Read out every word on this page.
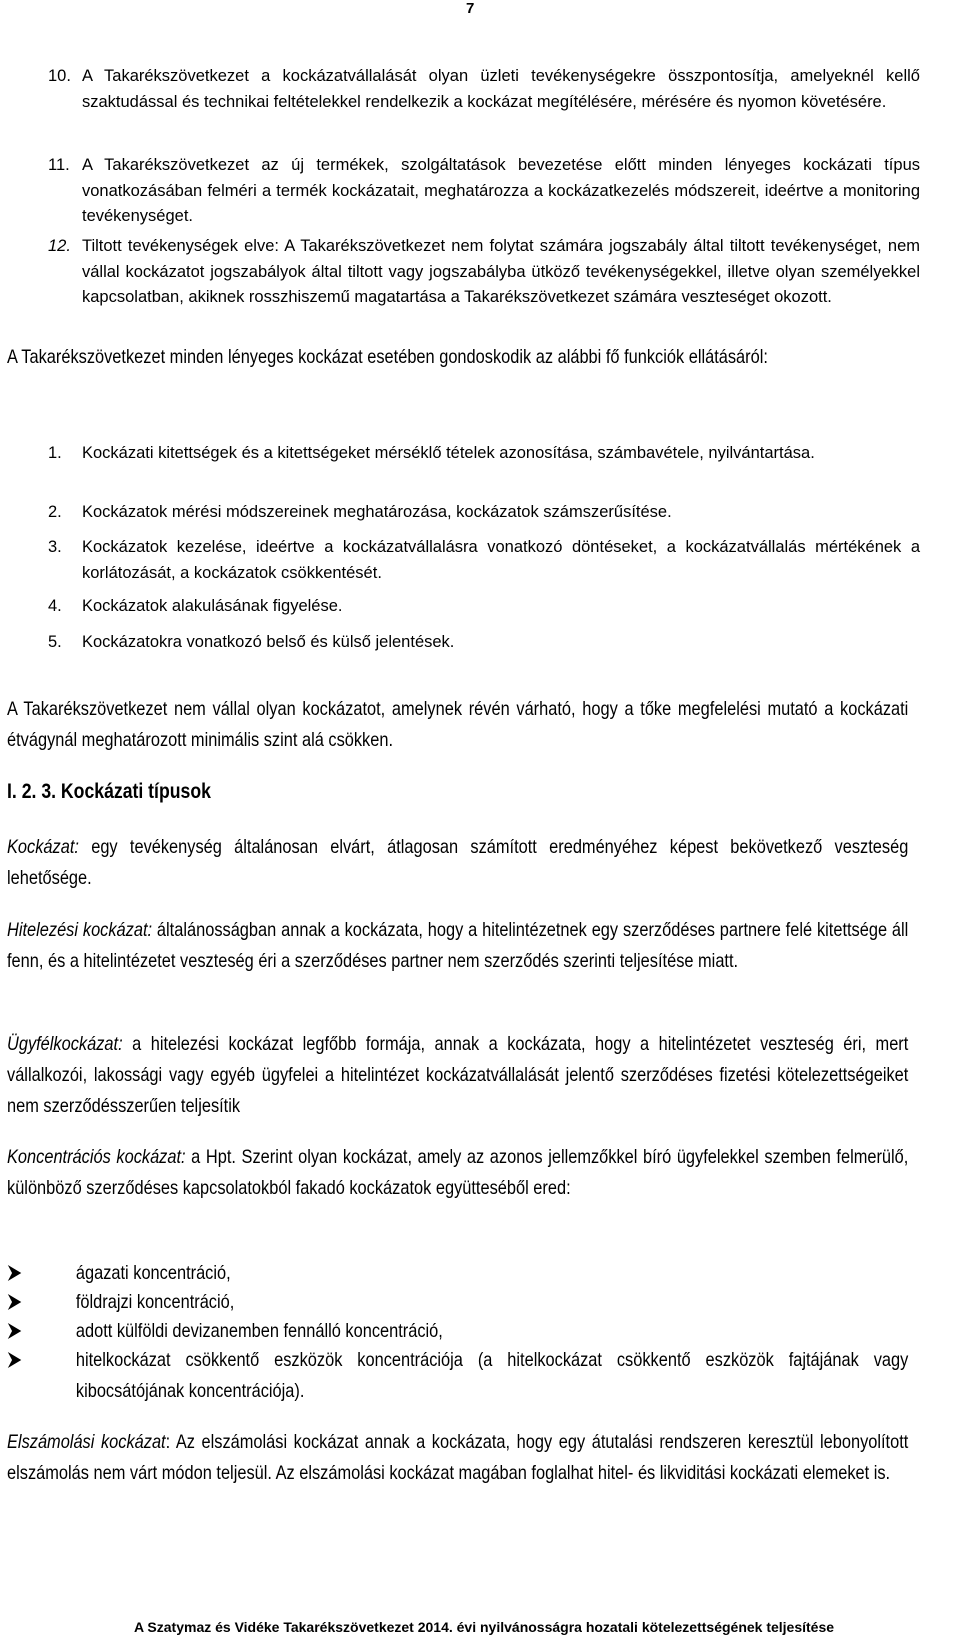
7
10. A Takarékszövetkezet a kockázatvállalását olyan üzleti tevékenységekre összpontosítja, amelyeknél kellő szaktudással és technikai feltételekkel rendelkezik a kockázat megítélésére, mérésére és nyomon követésére.
11. A Takarékszövetkezet az új termékek, szolgáltatások bevezetése előtt minden lényeges kockázati típus vonatkozásában felméri a termék kockázatait, meghatározza a kockázatkezelés módszereit, ideértve a monitoring tevékenységet.
12. Tiltott tevékenységek elve: A Takarékszövetkezet nem folytat számára jogszabály által tiltott tevékenységet, nem vállal kockázatot jogszabályok által tiltott vagy jogszabályba ütköző tevékenységekkel, illetve olyan személyekkel kapcsolatban, akiknek rosszhiszemű magatartása a Takarékszövetkezet számára veszteséget okozott.
A Takarékszövetkezet minden lényeges kockázat esetében gondoskodik az alábbi fő funkciók ellátásáról:
1. Kockázati kitettségek és a kitettségeket mérséklő tételek azonosítása, számbavétele, nyilvántartása.
2. Kockázatok mérési módszereinek meghatározása, kockázatok számszerűsítése.
3. Kockázatok kezelése, ideértve a kockázatvállalásra vonatkozó döntéseket, a kockázatvállalás mértékének a korlátozását, a kockázatok csökkentését.
4. Kockázatok alakulásának figyelése.
5. Kockázatokra vonatkozó belső és külső jelentések.
A Takarékszövetkezet nem vállal olyan kockázatot, amelynek révén várható, hogy a tőke megfelelési mutató a kockázati étvágynál meghatározott minimális szint alá csökken.
I. 2. 3. Kockázati típusok
Kockázat: egy tevékenység általánosan elvárt, átlagosan számított eredményéhez képest bekövetkező veszteség lehetősége.
Hitelezési kockázat: általánosságban annak a kockázata, hogy a hitelintézetnek egy szerződéses partnere felé kitettsége áll fenn, és a hitelintézetet veszteség éri a szerződéses partner nem szerződés szerinti teljesítése miatt.
Ügyfélkockázat: a hitelezési kockázat legfőbb formája, annak a kockázata, hogy a hitelintézetet veszteség éri, mert vállalkozói, lakossági vagy egyéb ügyfelei a hitelintézet kockázatvállalását jelentő szerződéses fizetési kötelezettségeiket nem szerződésszerűen teljesítik
Koncentrációs kockázat: a Hpt. Szerint olyan kockázat, amely az azonos jellemzőkkel bíró ügyfelekkel szemben felmerülő, különböző szerződéses kapcsolatokból fakadó kockázatok együtteséből ered:
ágazati koncentráció,
földrajzi koncentráció,
adott külföldi devizanemben fennálló koncentráció,
hitelkockázat csökkentő eszközök koncentrációja (a hitelkockázat csökkentő eszközök fajtájának vagy kibocsátójának koncentrációja).
Elszámolási kockázat: Az elszámolási kockázat annak a kockázata, hogy egy átutalási rendszeren keresztül lebonyolított elszámolás nem várt módon teljesül. Az elszámolási kockázat magában foglalhat hitel- és likviditási kockázati elemeket is.
A Szatymaz és Vidéke Takarékszövetkezet 2014. évi nyilvánosságra hozatali kötelezettségének teljesítése
